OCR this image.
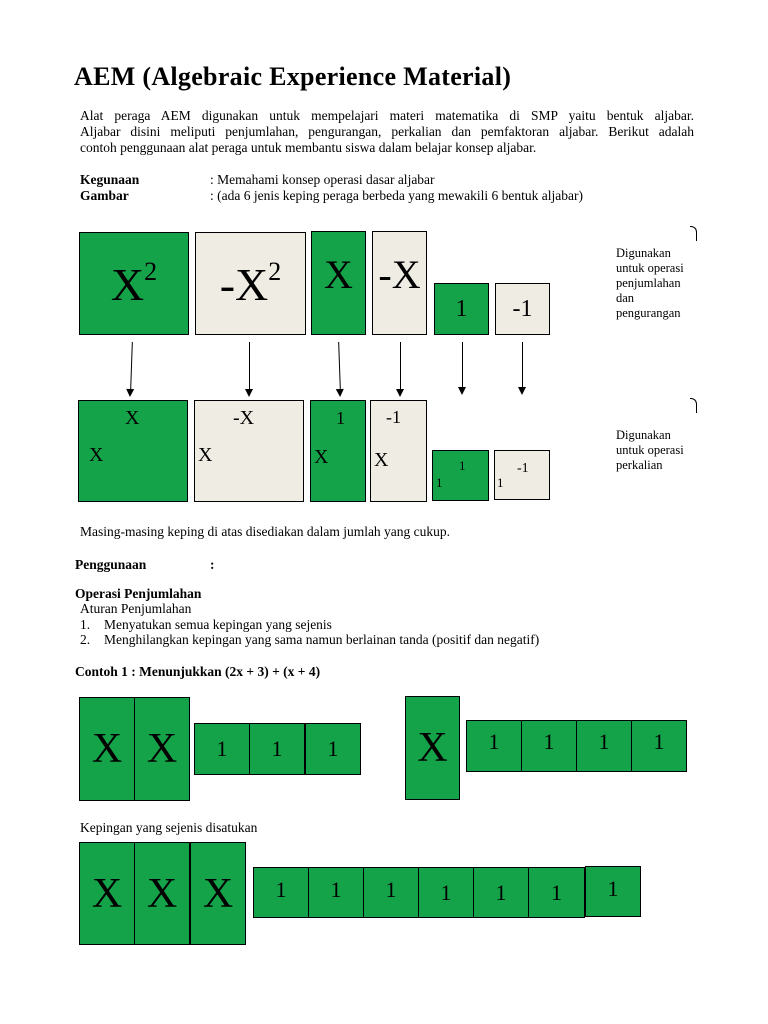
AEM (Algebraic Experience Material)
Alat peraga AEM digunakan untuk mempelajari materi matematika di SMP yaitu bentuk aljabar.
Aljabar disini meliputi penjumlahan, pengurangan, perkalian dan pemfaktoran aljabar. Berikut adalah
contoh penggunaan alat peraga untuk membantu siswa dalam belajar konsep aljabar.
Kegunaan	: Memahami konsep operasi dasar aljabar
Gambar	: (ada 6 jenis keping peraga berbeda yang mewakili 6 bentuk aljabar)
$X^2$ $-X^2$ X -X
1 -1
Digunakan
untuk operasi
penjumlahan
dan
pengurangan
X
X
-X
X
1
X
-1
X	1
1
-1
1
Digunakan
untuk operasi
perkalian
Masing-masing keping di atas disediakan dalam jumlah yang cukup.
Penggunaan	:
Operasi Penjumlahan
Aturan Penjumlahan
1. Menyatukan semua kepingan yang sejenis
2. Menghilangkan kepingan yang sama namun berlainan tanda (positif dan negatif)
Contoh 1 : Menunjukkan (2x + 3) + (x + 4)
X X 1 1 1 X 1 1 1 1
Kepingan yang sejenis disatukan
X X X 1 1 1 1 1 1 1
